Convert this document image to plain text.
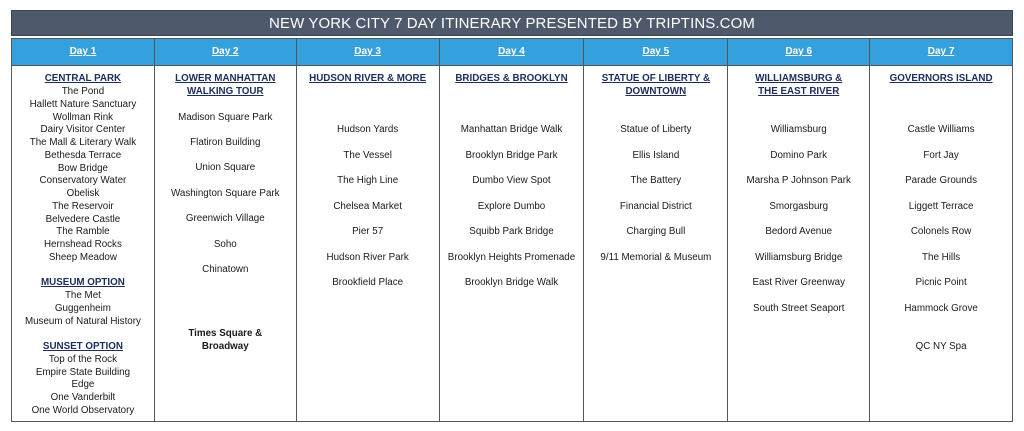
NEW YORK CITY 7 DAY ITINERARY PRESENTED BY TRIPTINS.COM
Day 1
CENTRAL PARK
The Pond
Hallett Nature Sanctuary
Wollman Rink
Dairy Visitor Center
The Mall & Literary Walk
Bethesda Terrace
Bow Bridge
Conservatory Water
Obelisk
The Reservoir
Belvedere Castle
The Ramble
Hernshead Rocks
Sheep Meadow
MUSEUM OPTION
The Met
Guggenheim
Museum of Natural History
SUNSET OPTION
Top of the Rock
Empire State Building
Edge
One Vanderbilt
One World Observatory
Day 2
LOWER MANHATTAN
WALKING TOUR
Madison Square Park
Flatiron Building
Union Square
Washington Square Park
Greenwich Village
Soho
Chinatown
Times Square &
Broadway
Day 3
HUDSON RIVER & MORE
Hudson Yards
The Vessel
The High Line
Chelsea Market
Pier 57
Hudson River Park
Brookfield Place
Day 4
BRIDGES & BROOKLYN
Manhattan Bridge Walk
Brooklyn Bridge Park
Dumbo View Spot
Explore Dumbo
Squibb Park Bridge
Brooklyn Heights Promenade
Brooklyn Bridge Walk
Day 5
STATUE OF LIBERTY &
DOWNTOWN
Statue of Liberty
Ellis Island
The Battery
Financial District
Charging Bull
9/11 Memorial & Museum
Day 6
WILLIAMSBURG &
THE EAST RIVER
Williamsburg
Domino Park
Marsha P Johnson Park
Smorgasburg
Bedord Avenue
Williamsburg Bridge
East River Greenway
South Street Seaport
Day 7
GOVERNORS ISLAND
Castle Williams
Fort Jay
Parade Grounds
Liggett Terrace
Colonels Row
The Hills
Picnic Point
Hammock Grove
QC NY Spa
